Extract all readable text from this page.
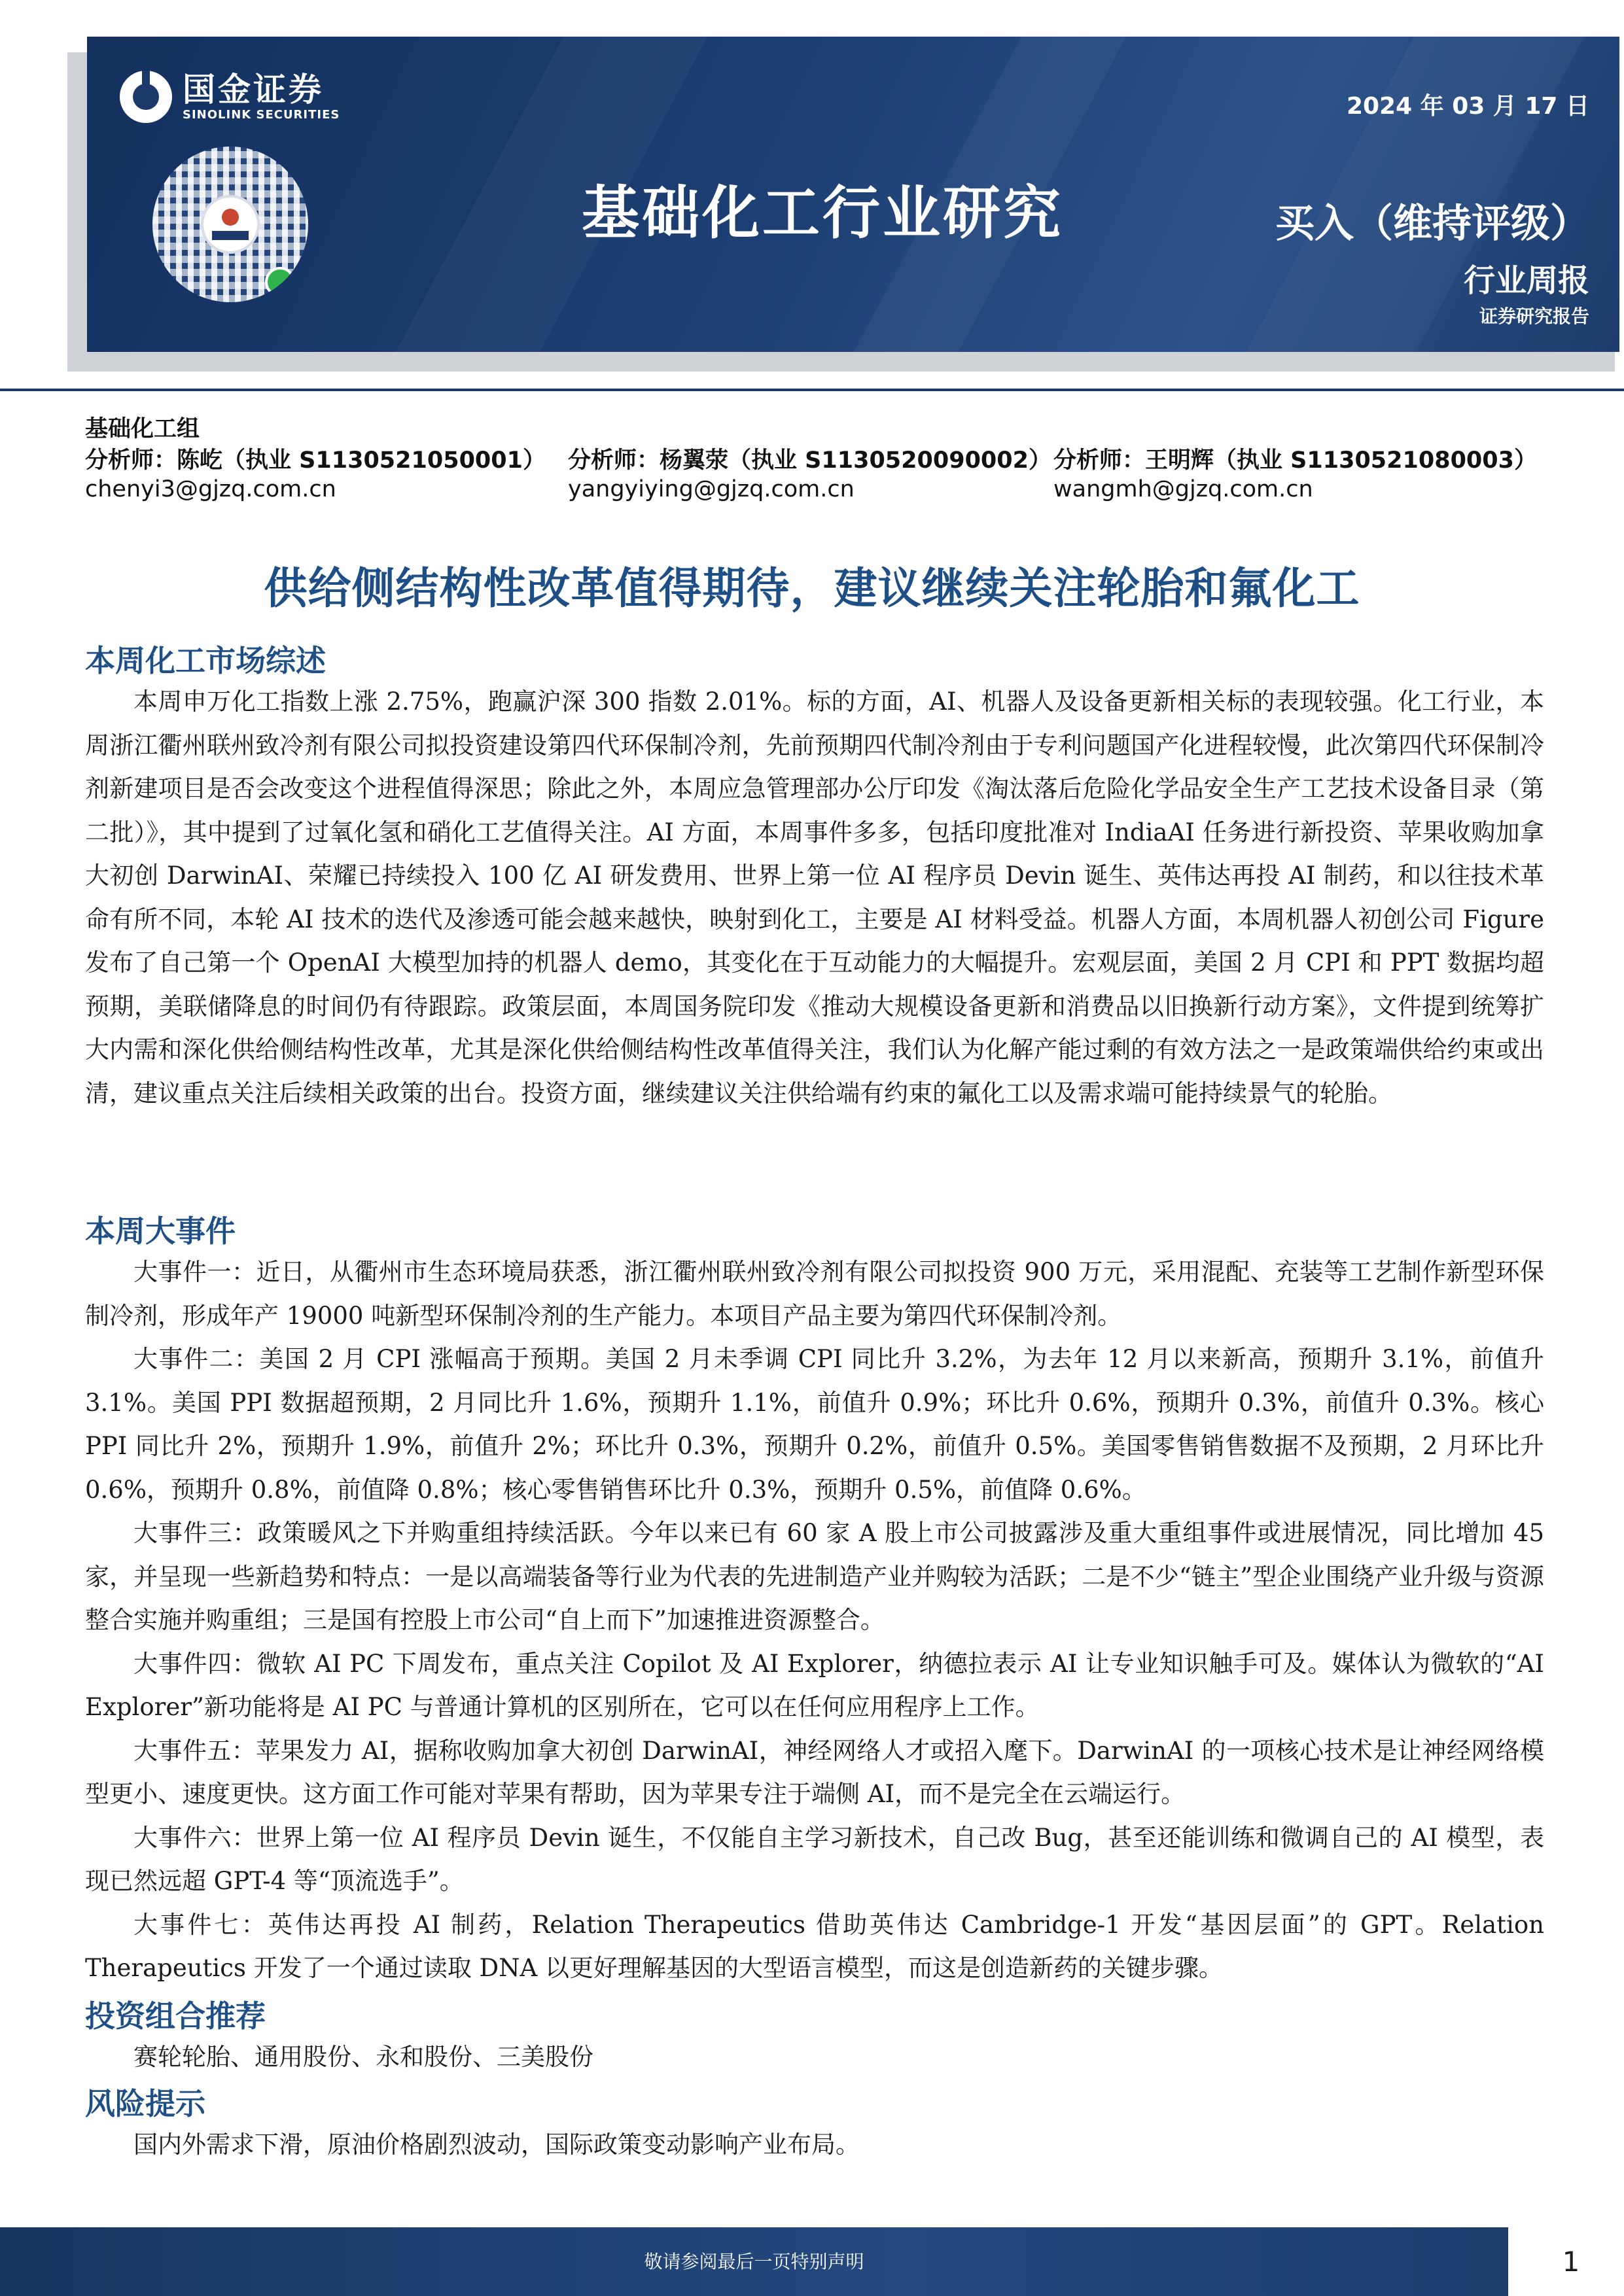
国金证券
SINOLINK SECURITIES	2024 年 03 月 17 日
基础化工行业研究	买入（维持评级）
行业周报
证券研究报告
基础化工组
分析师：陈屹（执业 S1130521050001）
chenyi3@gjzq.com.cn
分析师：杨翼荥（执业 S1130520090002）
yangyiying@gjzq.com.cn
分析师：王明辉（执业 S1130521080003）
wangmh@gjzq.com.cn
供给侧结构性改革值得期待，建议继续关注轮胎和氟化工
本周化工市场综述

本周申万化工指数上涨 2.75%，跑赢沪深 300 指数 2.01%。标的方面，AI、机器人及设备更新相关标的表现较强。化工行业，本周浙江衢州联州致冷剂有限公司拟投资建设第四代环保制冷剂，先前预期四代制冷剂由于专利问题国产化进程较慢，此次第四代环保制冷剂新建项目是否会改变这个进程值得深思；除此之外，本周应急管理部办公厅印发《淘汰落后危险化学品安全生产工艺技术设备目录（第二批）》，其中提到了过氧化氢和硝化工艺值得关注。AI 方面，本周事件多多，包括印度批准对 IndiaAI 任务进行新投资、苹果收购加拿大初创 DarwinAI、荣耀已持续投入 100 亿 AI 研发费用、世界上第一位 AI 程序员 Devin 诞生、英伟达再投 AI 制药，和以往技术革命有所不同，本轮 AI 技术的迭代及渗透可能会越来越快，映射到化工，主要是 AI 材料受益。机器人方面，本周机器人初创公司 Figure 发布了自己第一个 OpenAI 大模型加持的机器人 demo，其变化在于互动能力的大幅提升。宏观层面，美国 2 月 CPI 和 PPT 数据均超预期，美联储降息的时间仍有待跟踪。政策层面，本周国务院印发《推动大规模设备更新和消费品以旧换新行动方案》，文件提到统筹扩大内需和深化供给侧结构性改革，尤其是深化供给侧结构性改革值得关注，我们认为化解产能过剩的有效方法之一是政策端供给约束或出清，建议重点关注后续相关政策的出台。投资方面，继续建议关注供给端有约束的氟化工以及需求端可能持续景气的轮胎。

本周大事件

大事件一：近日，从衢州市生态环境局获悉，浙江衢州联州致冷剂有限公司拟投资 900 万元，采用混配、充装等工艺制作新型环保制冷剂，形成年产 19000 吨新型环保制冷剂的生产能力。本项目产品主要为第四代环保制冷剂。

大事件二：美国 2 月 CPI 涨幅高于预期。美国 2 月未季调 CPI 同比升 3.2%，为去年 12 月以来新高，预期升 3.1%，前值升 3.1%。美国 PPI 数据超预期，2 月同比升 1.6%，预期升 1.1%，前值升 0.9%；环比升 0.6%，预期升 0.3%，前值升 0.3%。核心 PPI 同比升 2%，预期升 1.9%，前值升 2%；环比升 0.3%，预期升 0.2%，前值升 0.5%。美国零售销售数据不及预期，2 月环比升 0.6%，预期升 0.8%，前值降 0.8%；核心零售销售环比升 0.3%，预期升 0.5%，前值降 0.6%。

大事件三：政策暖风之下并购重组持续活跃。今年以来已有 60 家 A 股上市公司披露涉及重大重组事件或进展情况，同比增加 45 家，并呈现一些新趋势和特点：一是以高端装备等行业为代表的先进制造产业并购较为活跃；二是不少“链主”型企业围绕产业升级与资源整合实施并购重组；三是国有控股上市公司“自上而下”加速推进资源整合。

大事件四：微软 AI PC 下周发布，重点关注 Copilot 及 AI Explorer，纳德拉表示 AI 让专业知识触手可及。媒体认为微软的“AI Explorer”新功能将是 AI PC 与普通计算机的区别所在，它可以在任何应用程序上工作。

大事件五：苹果发力 AI，据称收购加拿大初创 DarwinAI，神经网络人才或招入麾下。DarwinAI 的一项核心技术是让神经网络模型更小、速度更快。这方面工作可能对苹果有帮助，因为苹果专注于端侧 AI，而不是完全在云端运行。

大事件六：世界上第一位 AI 程序员 Devin 诞生，不仅能自主学习新技术，自己改 Bug，甚至还能训练和微调自己的 AI 模型，表现已然远超 GPT-4 等“顶流选手”。

大事件七：英伟达再投 AI 制药，Relation Therapeutics 借助英伟达 Cambridge-1 开发“基因层面”的 GPT。Relation Therapeutics 开发了一个通过读取 DNA 以更好理解基因的大型语言模型，而这是创造新药的关键步骤。

投资组合推荐

赛轮轮胎、通用股份、永和股份、三美股份

风险提示

国内外需求下滑，原油价格剧烈波动，国际政策变动影响产业布局。

敬请参阅最后一页特别声明	1
